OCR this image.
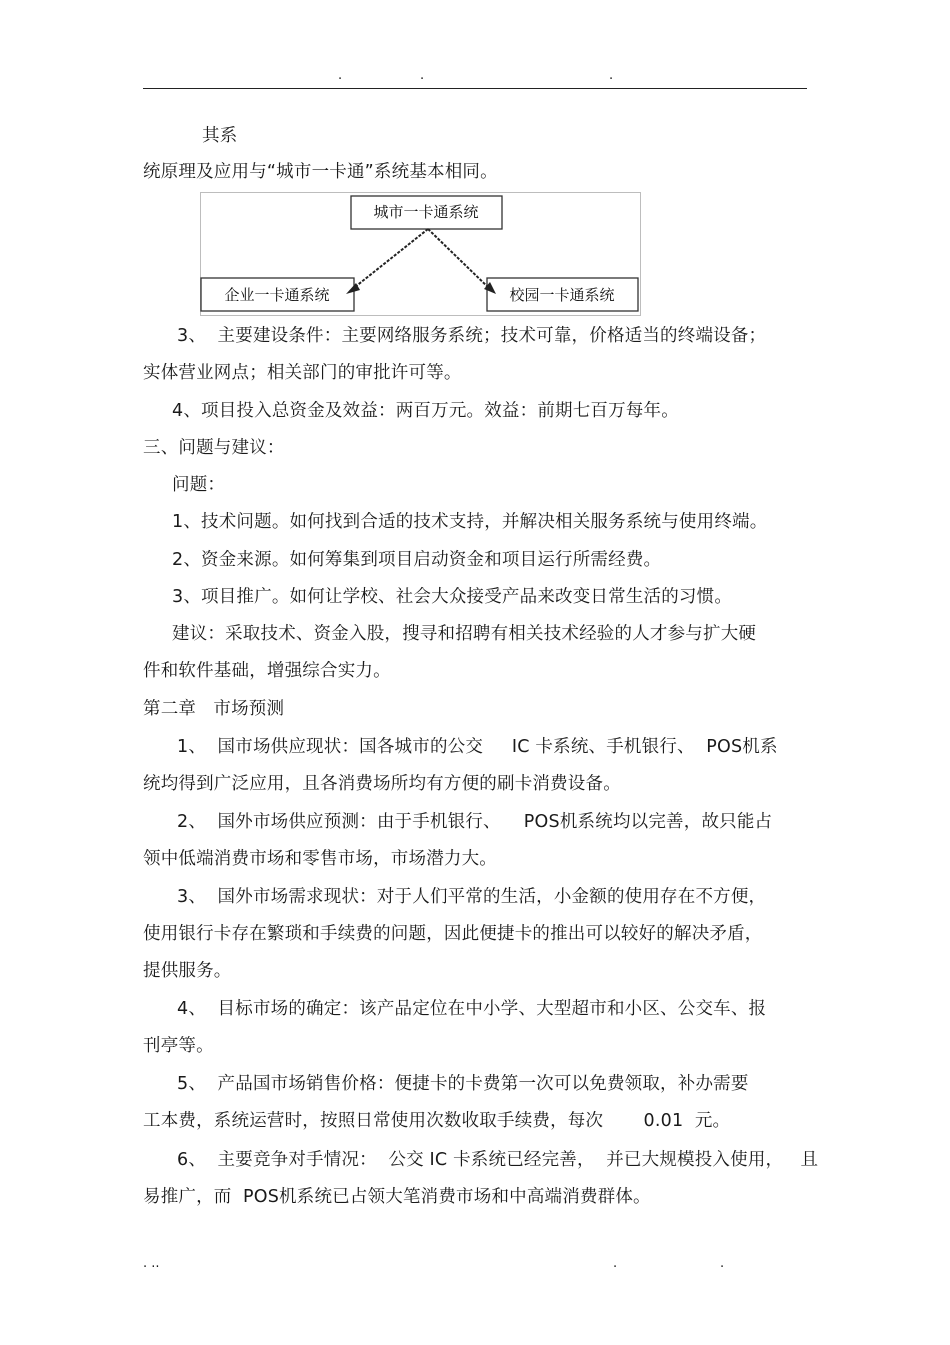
.	.	.
其系
统原理及应用与“城市一卡通”系统基本相同。
城市一卡通系统
企业一卡通系统	校园一卡通系统
3、  主要建设条件：主要网络服务系统；技术可靠，价格适当的终端设备；
实体营业网点；相关部门的审批许可等。
4、项目投入总资金及效益：两百万元。效益：前期七百万每年。
三、问题与建议：
问题：
1、技术问题。如何找到合适的技术支持，并解决相关服务系统与使用终端。
2、资金来源。如何筹集到项目启动资金和项目运行所需经费。
3、项目推广。如何让学校、社会大众接受产品来改变日常生活的习惯。
建议：采取技术、资金入股，搜寻和招聘有相关技术经验的人才参与扩大硬
件和软件基础，增强综合实力。
第二章   市场预测
1、  国市场供应现状：国各城市的公交     IC 卡系统、手机银行、  POS机系
统均得到广泛应用，且各消费场所均有方便的刷卡消费设备。
2、  国外市场供应预测：由于手机银行、    POS机系统均以完善，故只能占
领中低端消费市场和零售市场，市场潜力大。
3、  国外市场需求现状：对于人们平常的生活，小金额的使用存在不方便，
使用银行卡存在繁琐和手续费的问题，因此便捷卡的推出可以较好的解决矛盾，
提供服务。
4、  目标市场的确定：该产品定位在中小学、大型超市和小区、公交车、报
刊亭等。
5、  产品国市场销售价格：便捷卡的卡费第一次可以免费领取，补办需要
工本费，系统运营时，按照日常使用次数收取手续费，每次       0.01  元。
6、  主要竞争对手情况：  公交 IC 卡系统已经完善，  并已大规模投入使用，   且
易推广，而  POS机系统已占领大笔消费市场和中高端消费群体。
. ..	.	.
